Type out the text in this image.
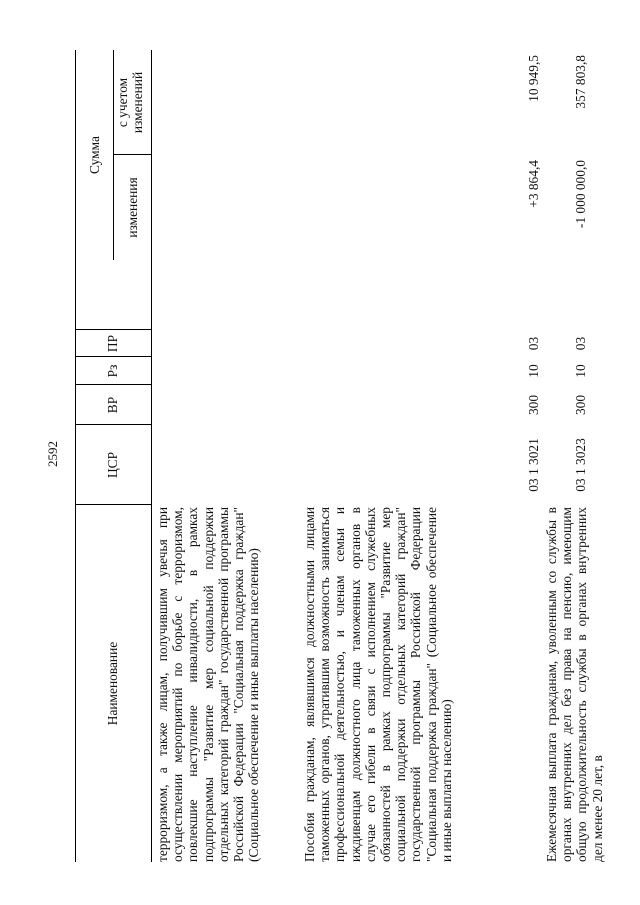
2592
Наименование
ЦСР
ВР
Рз
ПР
Сумма
изменения
с учетом изменений
терроризмом, а также лицам, получившим увечья при осуществлении мероприятий по борьбе с терроризмом, повлекшие наступление инвалидности, в рамках подпрограммы "Развитие мер социальной поддержки отдельных категорий граждан" государственной программы Российской Федерации "Социальная поддержка граждан" (Социальное обеспечение и иные выплаты населению)	Пособия гражданам, являвшимся должностными лицами таможенных органов, утратившим возможность заниматься профессиональной деятельностью, и членам семьи и иждивенцам должностного лица таможенных органов в случае его гибели в связи с исполнением служебных обязанностей в рамках подпрограммы "Развитие мер социальной поддержки отдельных категорий граждан" государственной программы Российской Федерации "Социальная поддержка граждан" (Социальное обеспечение и иные выплаты населению)
03 1 3021
300
10
03
+3 864,4
10 949,5
Ежемесячная выплата гражданам, уволенным со службы в органах внутренних дел без права на пенсию, имеющим общую продолжительность службы в органах внутренних дел менее 20 лет, в
03 1 3023
300
10
03
-1 000 000,0
357 803,8
